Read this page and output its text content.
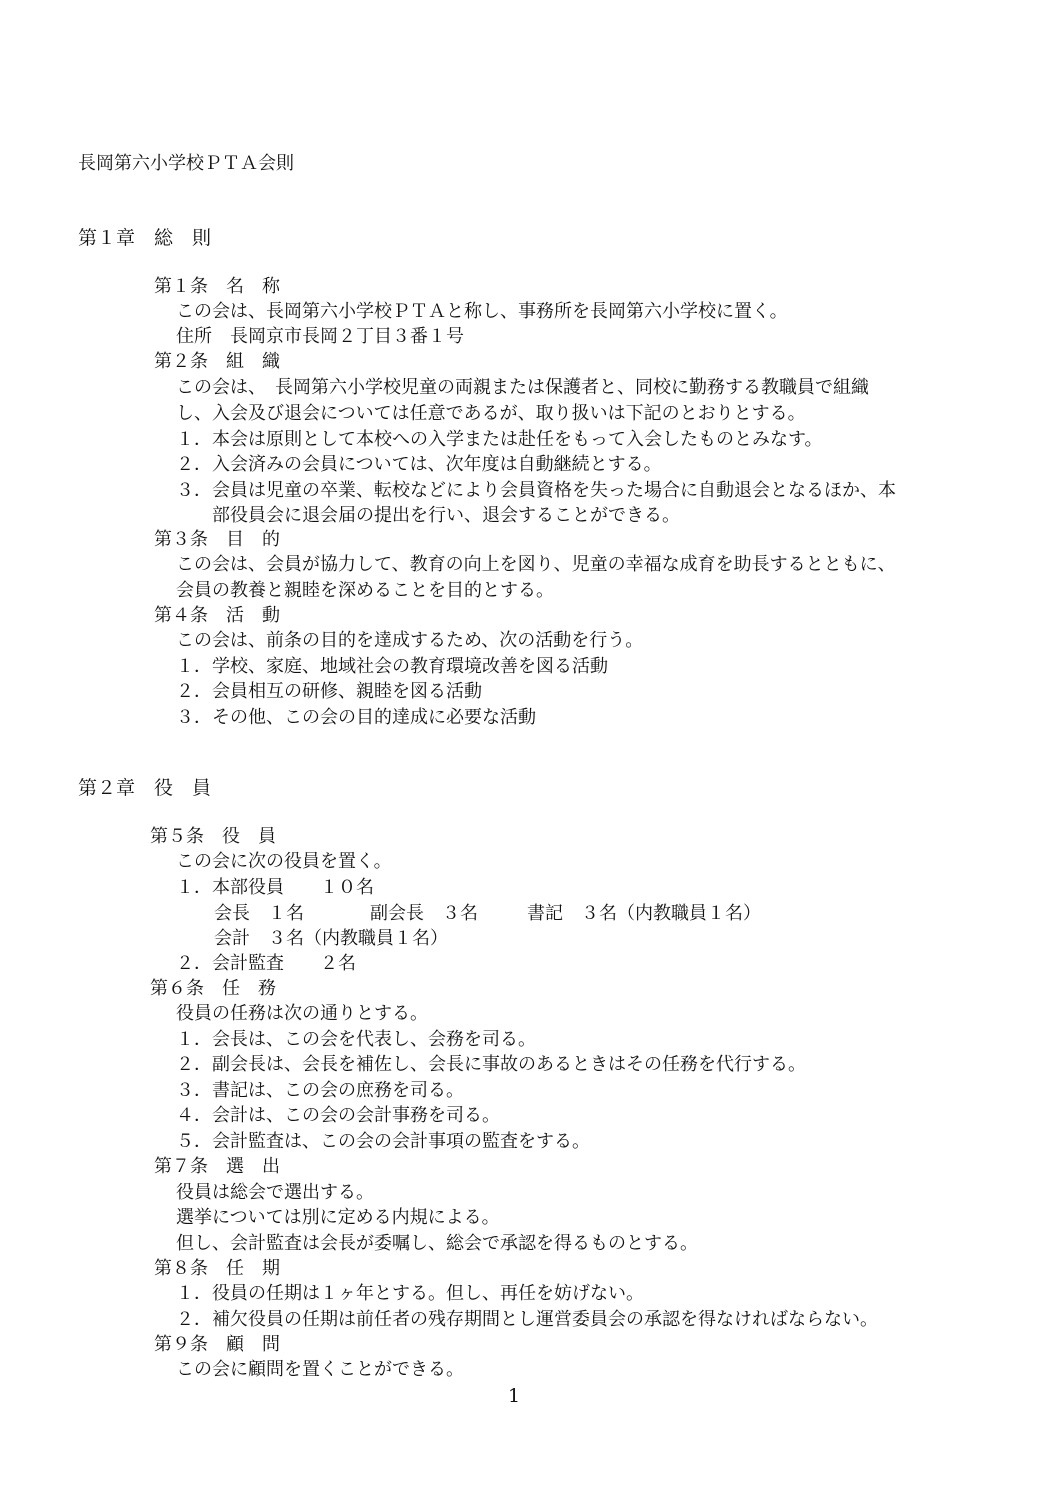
長岡第六小学校ＰＴＡ会則
第１章　総　則
第１条　名　称
この会は、長岡第六小学校ＰＴＡと称し、事務所を長岡第六小学校に置く。
住所　長岡京市長岡２丁目３番１号
第２条　組　織
この会は、　長岡第六小学校児童の両親または保護者と、同校に勤務する教職員で組織
し、入会及び退会については任意であるが、取り扱いは下記のとおりとする。
１．本会は原則として本校への入学または赴任をもって入会したものとみなす。
２．入会済みの会員については、次年度は自動継続とする。
３．会員は児童の卒業、転校などにより会員資格を失った場合に自動退会となるほか、本
部役員会に退会届の提出を行い、退会することができる。
第３条　目　的
この会は、会員が協力して、教育の向上を図り、児童の幸福な成育を助長するとともに、
会員の教養と親睦を深めることを目的とする。
第４条　活　動
この会は、前条の目的を達成するため、次の活動を行う。
１．学校、家庭、地域社会の教育環境改善を図る活動
２．会員相互の研修、親睦を図る活動
３．その他、この会の目的達成に必要な活動
第２章　役　員
第５条　役　員
この会に次の役員を置く。
１．本部役員　　１０名
会長　１名	副会長　３名	書記　３名（内教職員１名）
会計　３名（内教職員１名）
２．会計監査　　２名
第６条　任　務
役員の任務は次の通りとする。
１．会長は、この会を代表し、会務を司る。
２．副会長は、会長を補佐し、会長に事故のあるときはその任務を代行する。
３．書記は、この会の庶務を司る。
４．会計は、この会の会計事務を司る。
５．会計監査は、この会の会計事項の監査をする。
第７条　選　出
役員は総会で選出する。
選挙については別に定める内規による。
但し、会計監査は会長が委嘱し、総会で承認を得るものとする。
第８条　任　期
１．役員の任期は１ヶ年とする。但し、再任を妨げない。
２．補欠役員の任期は前任者の残存期間とし運営委員会の承認を得なければならない。
第９条　顧　問
この会に顧問を置くことができる。
1
